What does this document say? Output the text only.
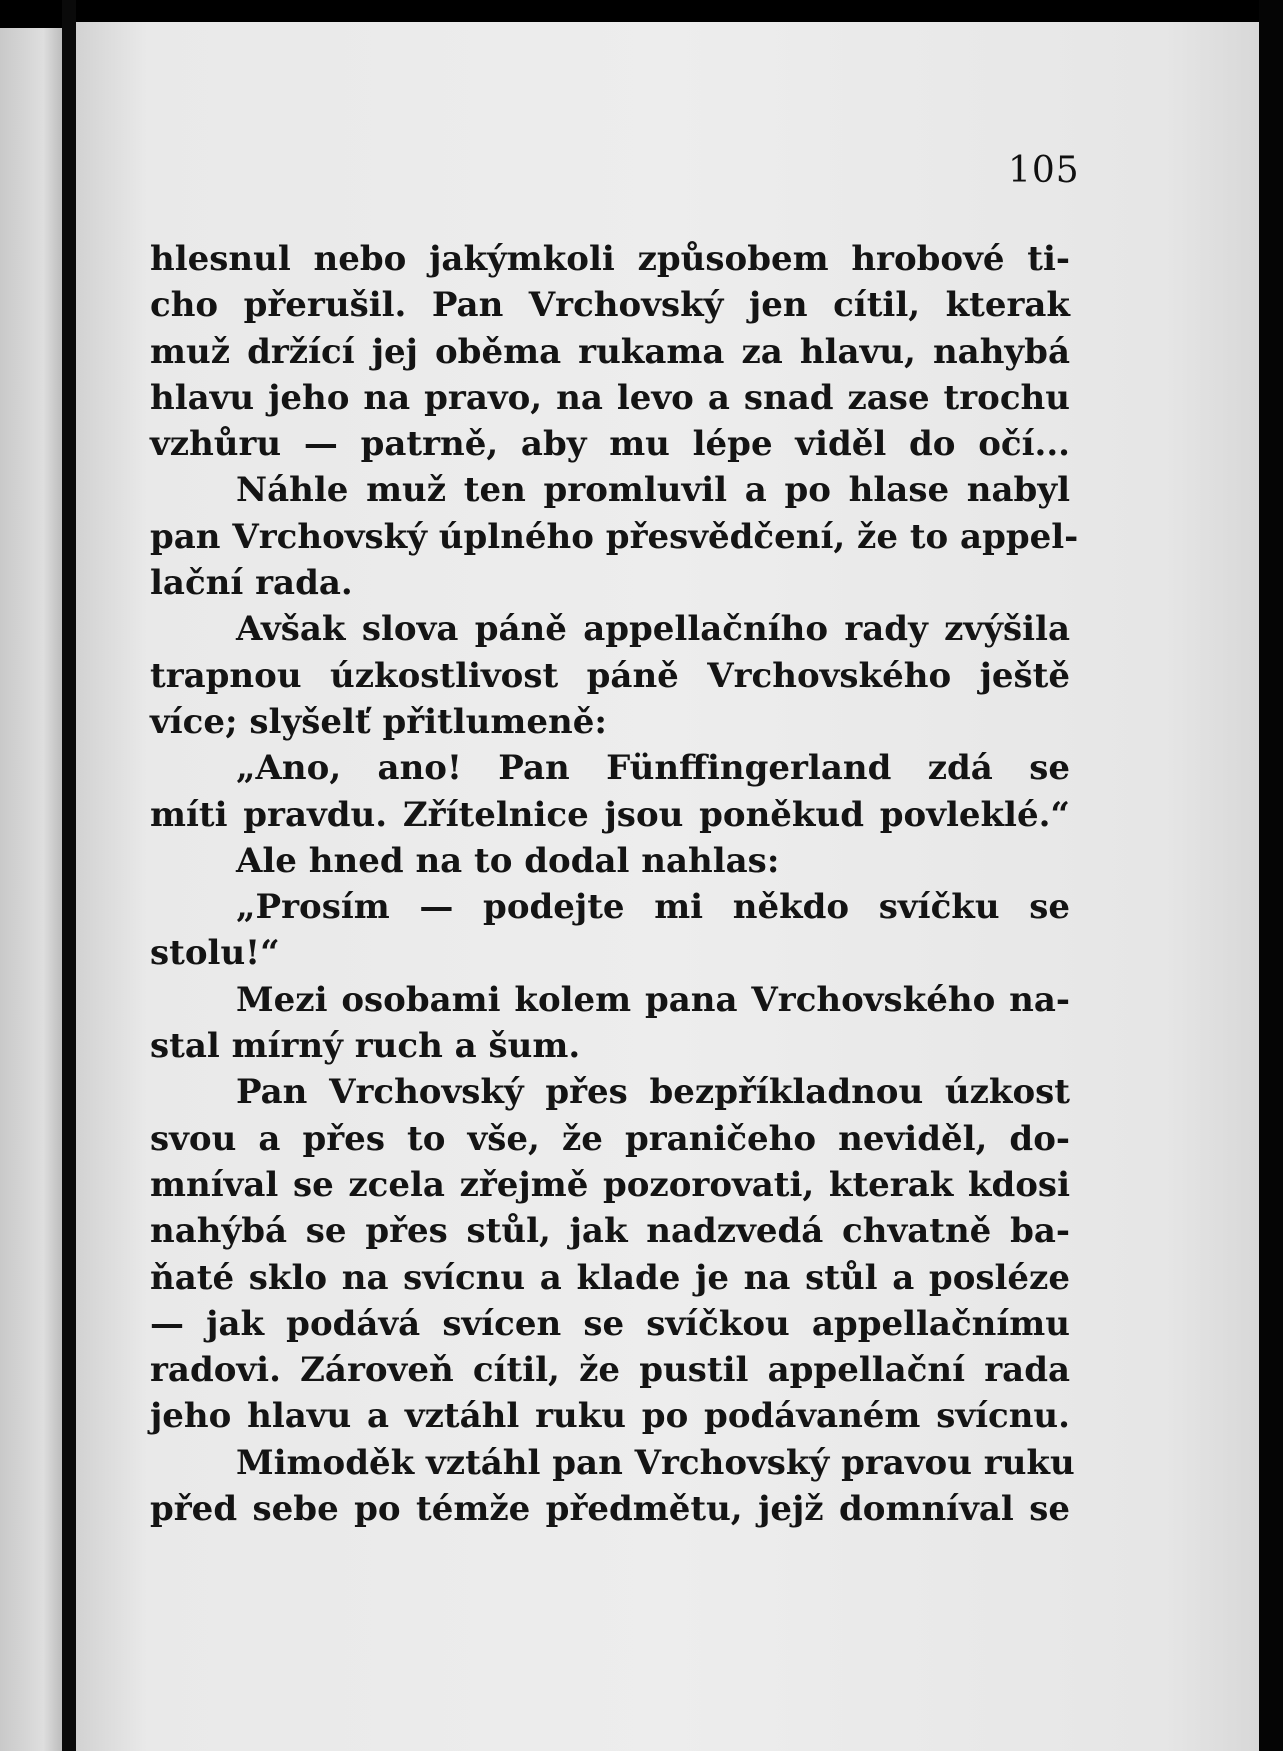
105

hlesnul nebo jakýmkoli způsobem hrobové ti-
cho přerušil. Pan Vrchovský jen cítil, kterak
muž držící jej oběma rukama za hlavu, nahybá
hlavu jeho na pravo, na levo a snad zase trochu
vzhůru — patrně, aby mu lépe viděl do očí...
Náhle muž ten promluvil a po hlase nabyl
pan Vrchovský úplného přesvědčení, že to appel-
lační rada.
Avšak slova páně appellačního rady zvýšila
trapnou úzkostlivost páně Vrchovského ještě
více; slyšelť přitlumeně:
„Ano, ano! Pan Fünffingerland zdá se
míti pravdu. Zřítelnice jsou poněkud povleklé.“
Ale hned na to dodal nahlas:
„Prosím — podejte mi někdo svíčku se
stolu!“
Mezi osobami kolem pana Vrchovského na-
stal mírný ruch a šum.
Pan Vrchovský přes bezpříkladnou úzkost
svou a přes to vše, že praničeho neviděl, do-
mníval se zcela zřejmě pozorovati, kterak kdosi
nahýbá se přes stůl, jak nadzvedá chvatně ba-
ňaté sklo na svícnu a klade je na stůl a posléze
— jak podává svícen se svíčkou appellačnímu
radovi. Zároveň cítil, že pustil appellační rada
jeho hlavu a vztáhl ruku po podávaném svícnu.
Mimoděk vztáhl pan Vrchovský pravou ruku
před sebe po témže předmětu, jejž domníval se
